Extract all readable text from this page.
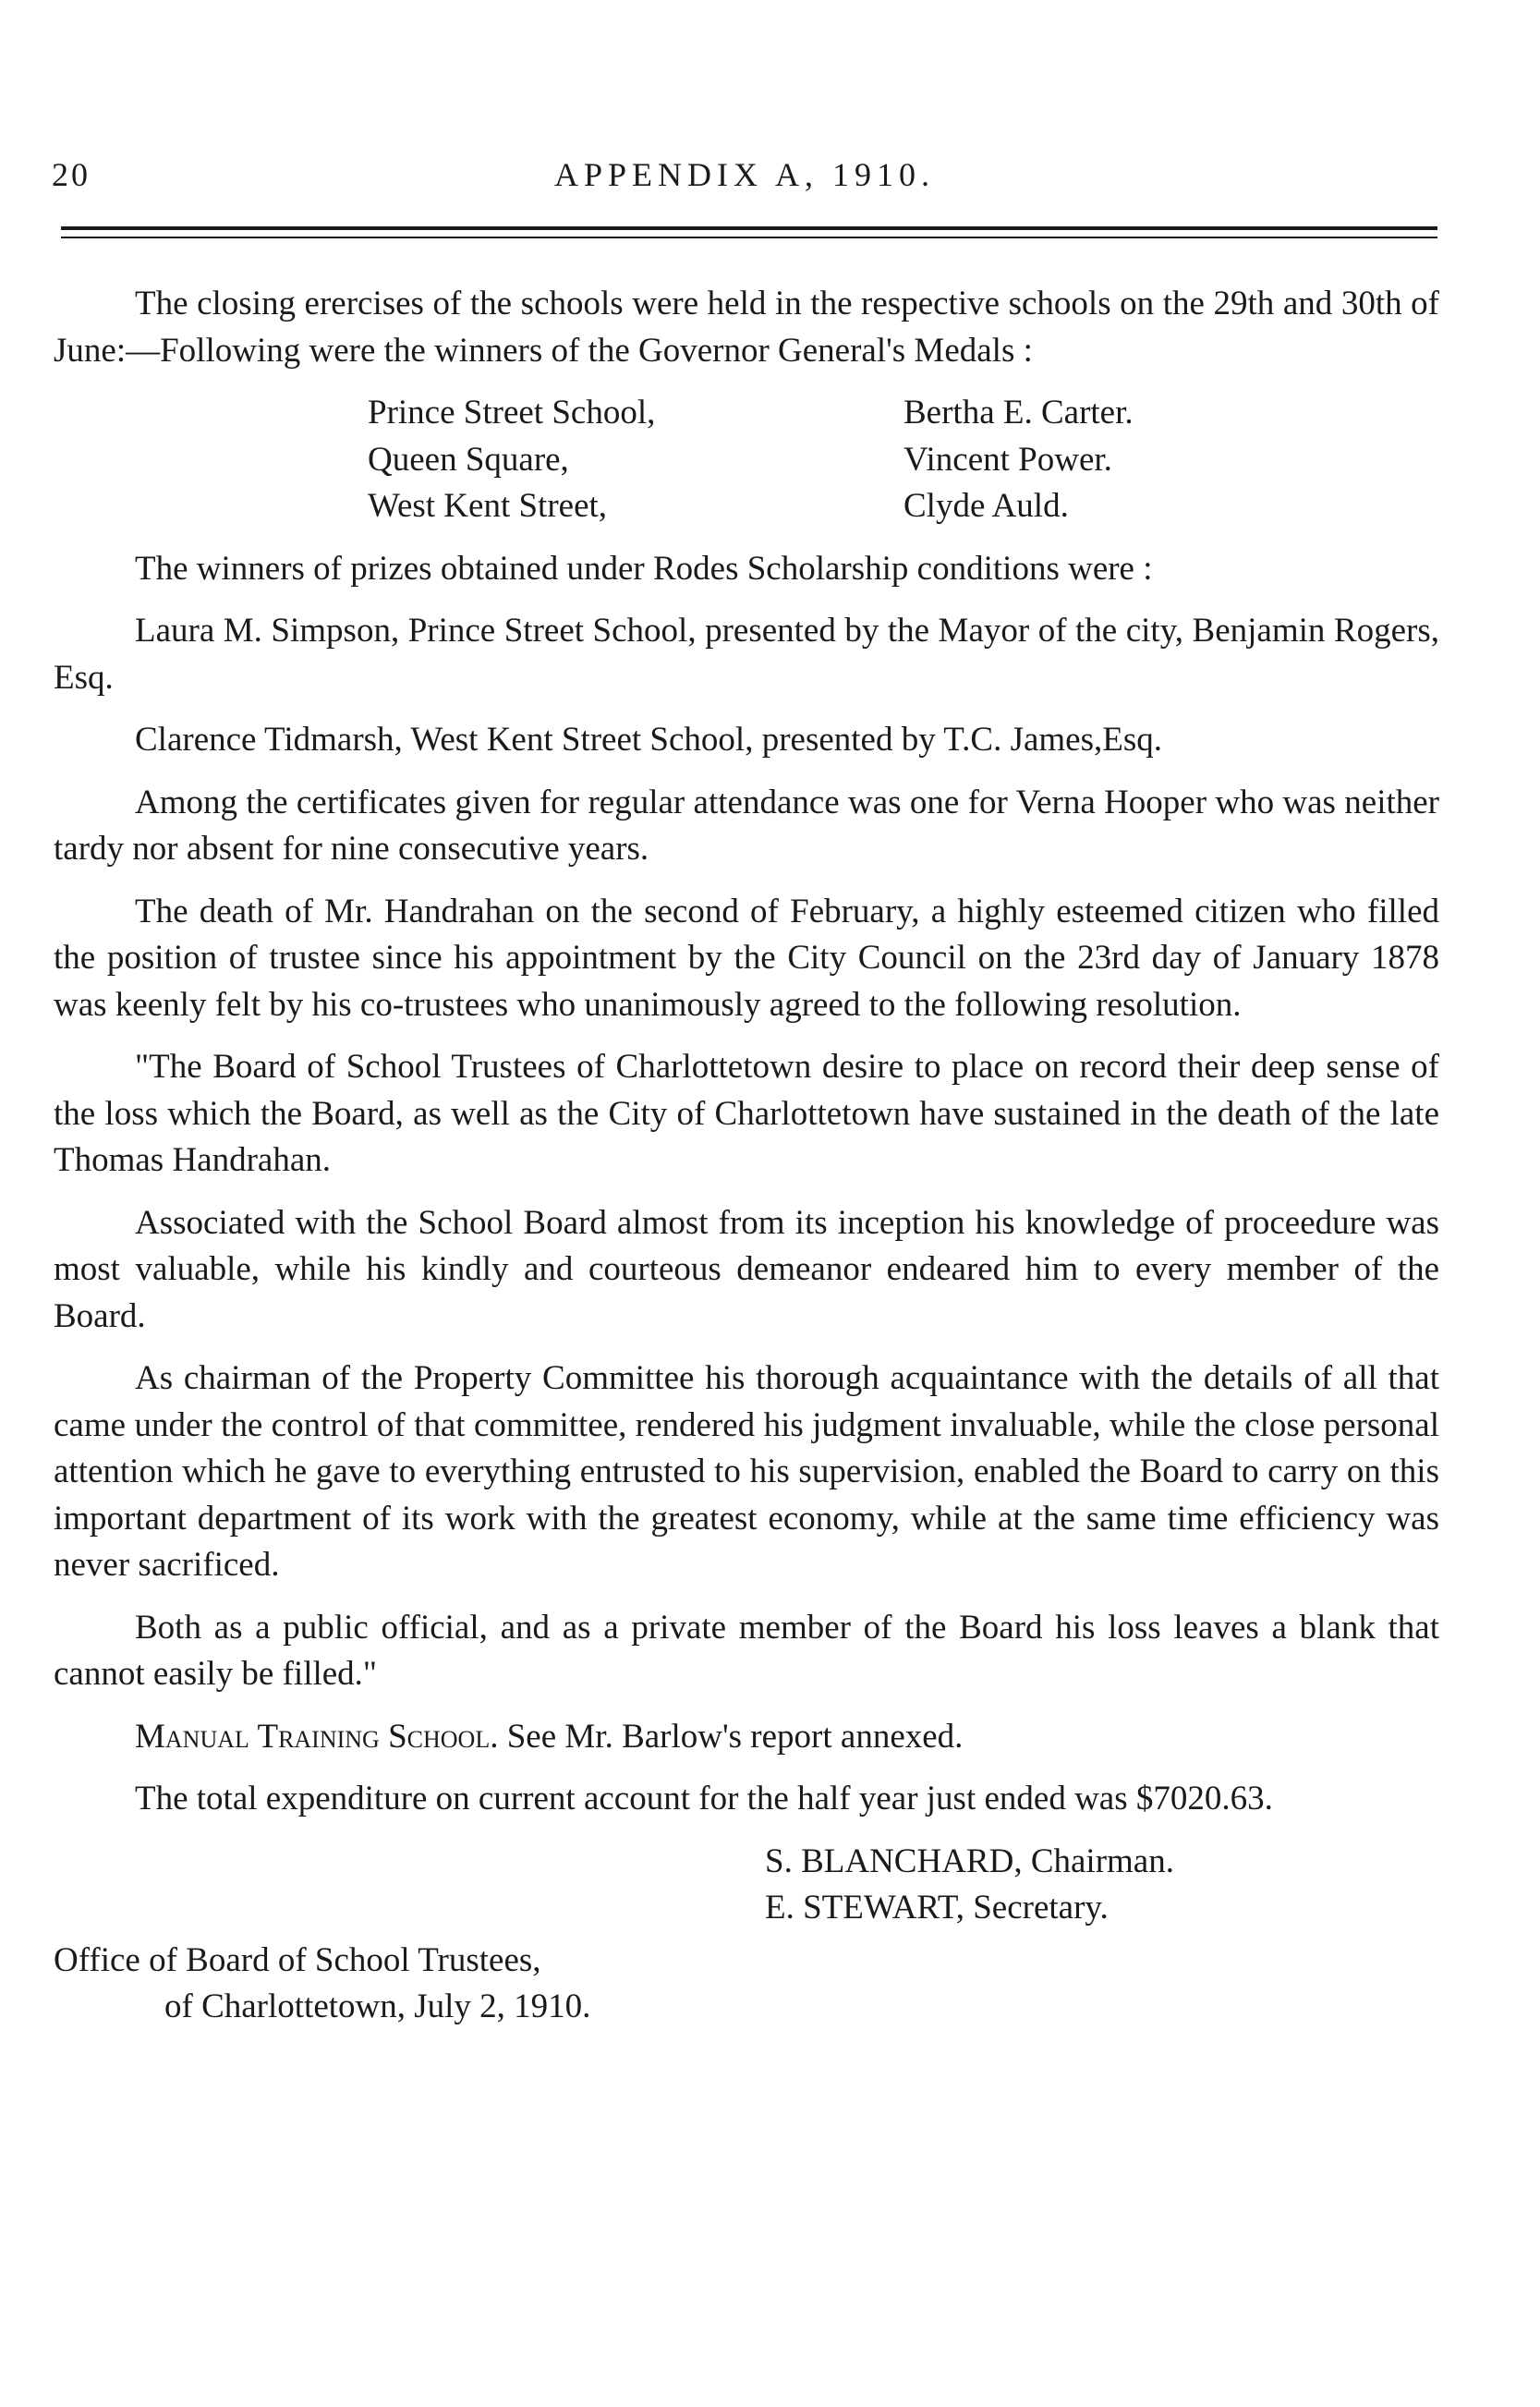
20	APPENDIX A, 1910.

The closing erercises of the schools were held in the respective schools on the 29th and 30th of June:—Following were the winners of the Governor General's Medals :

Prince Street School,	Bertha E. Carter.
Queen Square,	Vincent Power.
West Kent Street,	Clyde Auld.

The winners of prizes obtained under Rodes Scholarship conditions were :

Laura M. Simpson, Prince Street School, presented by the Mayor of the city, Benjamin Rogers, Esq.

Clarence Tidmarsh, West Kent Street School, presented by T.C. James,Esq.

Among the certificates given for regular attendance was one for Verna Hooper who was neither tardy nor absent for nine consecutive years.

The death of Mr. Handrahan on the second of February, a highly esteemed citizen who filled the position of trustee since his appointment by the City Council on the 23rd day of January 1878 was keenly felt by his co-trustees who unanimously agreed to the following resolution.

"The Board of School Trustees of Charlottetown desire to place on record their deep sense of the loss which the Board, as well as the City of Charlottetown have sustained in the death of the late Thomas Handrahan.

Associated with the School Board almost from its inception his knowledge of proceedure was most valuable, while his kindly and courteous demeanor endeared him to every member of the Board.

As chairman of the Property Committee his thorough acquaintance with the details of all that came under the control of that committee, rendered his judgment invaluable, while the close personal attention which he gave to everything entrusted to his supervision, enabled the Board to carry on this important department of its work with the greatest economy, while at the same time efficiency was never sacrificed.

Both as a public official, and as a private member of the Board his loss leaves a blank that cannot easily be filled."

Manual Training School. See Mr. Barlow's report annexed.

The total expenditure on current account for the half year just ended was $7020.63.

S. BLANCHARD, Chairman.
E. STEWART, Secretary.
Office of Board of School Trustees,
of Charlottetown, July 2, 1910.
